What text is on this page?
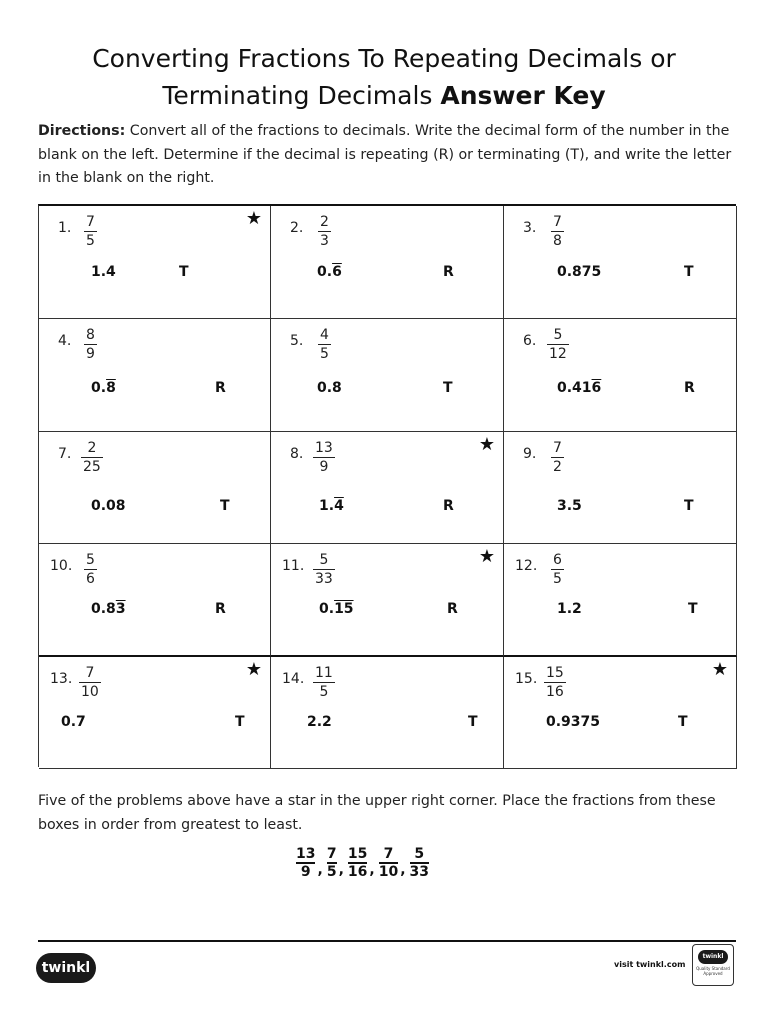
Converting Fractions To Repeating Decimals or
Terminating Decimals Answer Key
Directions: Convert all of the fractions to decimals. Write the decimal form of the number in the blank on the left. Determine if the decimal is repeating (R) or terminating (T), and write the letter in the blank on the right.
1. 7
5
★
1.4	T
2. 2
3
0.6	R
3. 7
8
0.875	T
4. 8
9
0.8	R
5. 4
5
0.8	T
6. 5
12
0.416	R
7. 2
25
0.08	T
8. 13
9
★
1.4	R
9. 7
2
3.5	T
10. 5
6
0.83	R
11. 5
33
★
0.15	R
12. 6
5
1.2	T
13. 7
10
★
0.7	T
14. 11
5
2.2	T
15. 15
16
★
0.9375	T
Five of the problems above have a star in the upper right corner. Place the fractions from these boxes in order from greatest to least.
13
9 ,
7
5 ,
15
16 ,
7
10 ,
5
33
twinkl	visit twinkl.com
twinkl
Quality Standard Approved
